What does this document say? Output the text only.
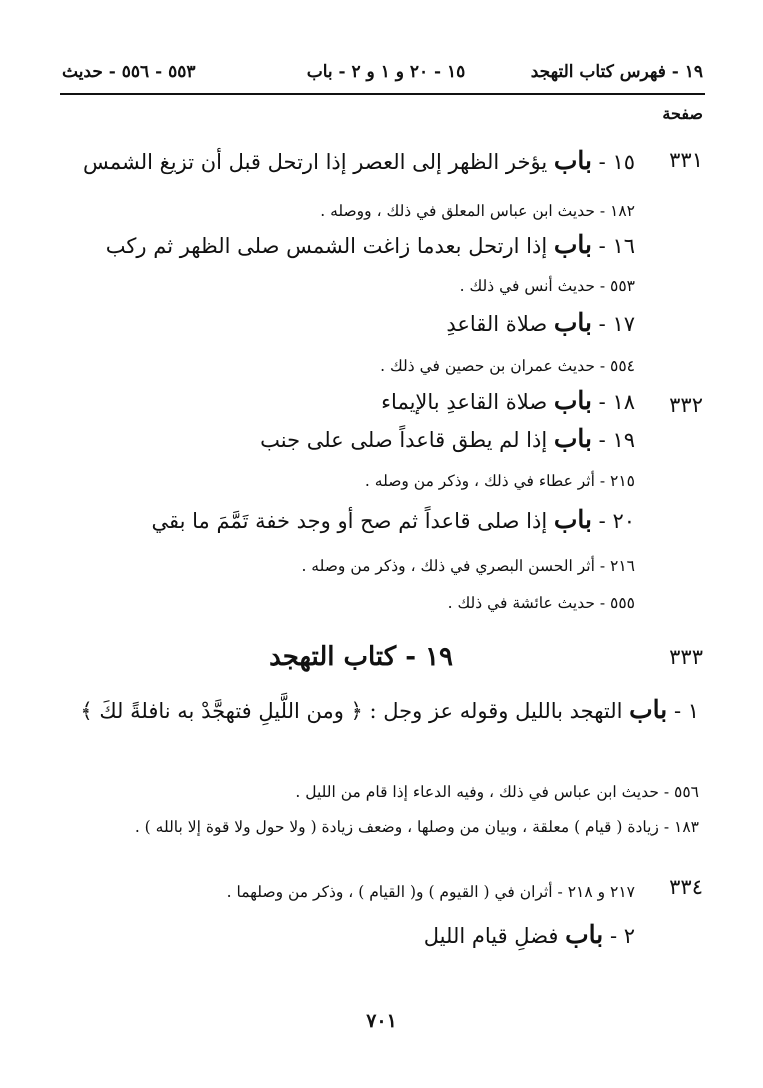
١٩ - فهرس كتاب التهجد
١٥ - ٢٠ و ١ و ٢ - باب
٥٥٣ - ٥٥٦ - حديث
صفحة
٣٣١
٣٣٢
٣٣٣
٣٣٤
١٥ - باب يؤخر الظهر إلى العصر إذا ارتحل قبل أن تزيغ الشمس
١٨٢ - حديث ابن عباس المعلق في ذلك ، ووصله .
١٦ - باب إذا ارتحل بعدما زاغت الشمس صلى الظهر ثم ركب
٥٥٣ - حديث أنس في ذلك .
١٧ - باب صلاة القاعدِ
٥٥٤ - حديث عمران بن حصين في ذلك .
١٨ - باب صلاة القاعدِ بالإيماء
١٩ - باب إذا لم يطق قاعداً صلى على جنب
٢١٥ - أثر عطاء في ذلك ، وذكر من وصله .
٢٠ - باب إذا صلى قاعداً ثم صح أو وجد خفة تَمَّمَ ما بقي
٢١٦ - أثر الحسن البصري في ذلك ، وذكر من وصله .
٥٥٥ - حديث عائشة في ذلك .
١٩ - كتاب التهجد
١ - باب التهجد بالليل وقوله عز وجل : ﴿ ومن اللَّيلِ فتهجَّدْ به نافلةً لكَ ﴾
٥٥٦ - حديث ابن عباس في ذلك ، وفيه الدعاء إذا قام من الليل .
١٨٣ - زيادة ( قيام ) معلقة ، وبيان من وصلها ، وضعف زيادة ( ولا حول ولا قوة إلا بالله ) .
٢١٧ و ٢١٨ - أثران في ( القيوم ) و( القيام ) ، وذكر من وصلهما .
٢ - باب فضلِ قيام الليل
٧٠١
